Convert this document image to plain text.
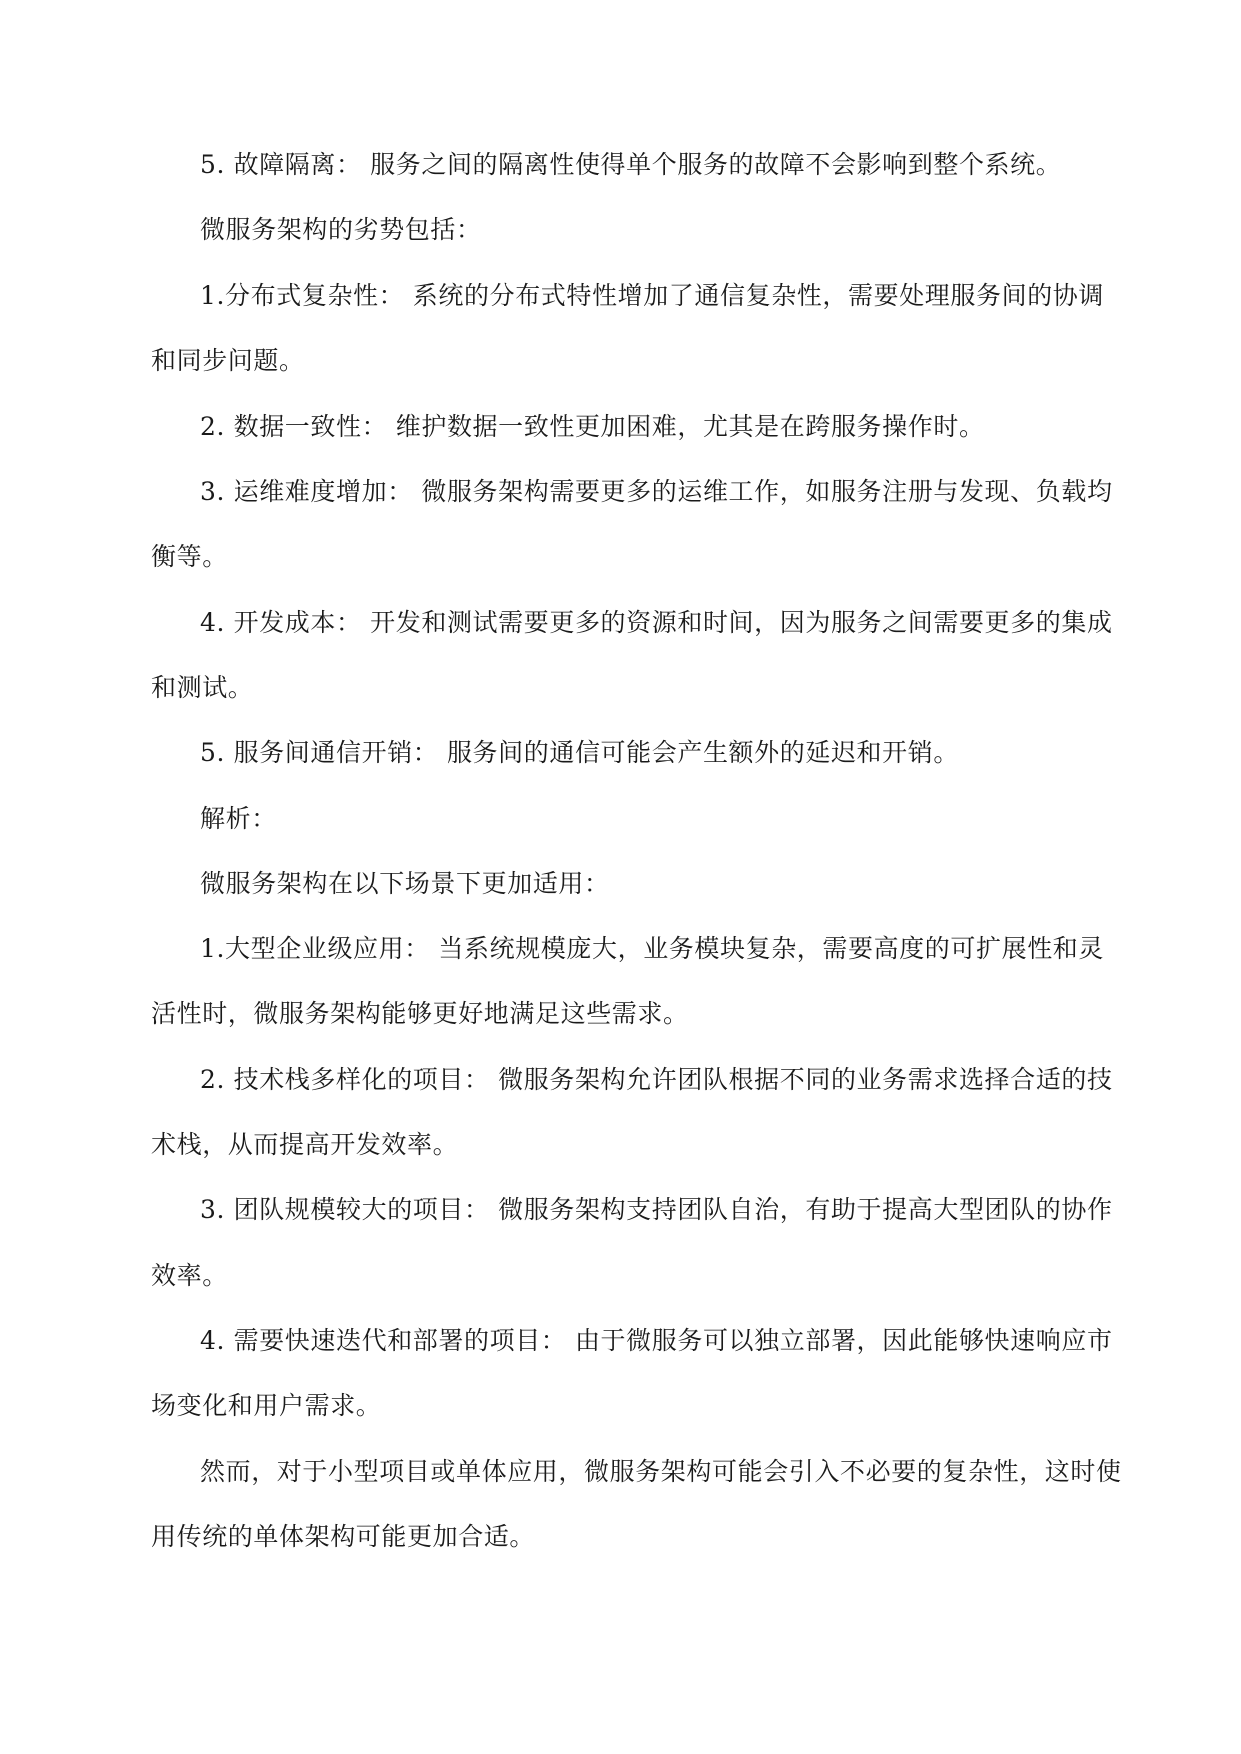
5. 故障隔离： 服务之间的隔离性使得单个服务的故障不会影响到整个系统。
微服务架构的劣势包括：
1.分布式复杂性： 系统的分布式特性增加了通信复杂性，需要处理服务间的协调
和同步问题。
2. 数据一致性： 维护数据一致性更加困难，尤其是在跨服务操作时。
3. 运维难度增加： 微服务架构需要更多的运维工作，如服务注册与发现、负载均
衡等。
4. 开发成本： 开发和测试需要更多的资源和时间，因为服务之间需要更多的集成
和测试。
5. 服务间通信开销： 服务间的通信可能会产生额外的延迟和开销。
解析：
微服务架构在以下场景下更加适用：
1.大型企业级应用： 当系统规模庞大，业务模块复杂，需要高度的可扩展性和灵
活性时，微服务架构能够更好地满足这些需求。
2. 技术栈多样化的项目： 微服务架构允许团队根据不同的业务需求选择合适的技
术栈，从而提高开发效率。
3. 团队规模较大的项目： 微服务架构支持团队自治，有助于提高大型团队的协作
效率。
4. 需要快速迭代和部署的项目： 由于微服务可以独立部署，因此能够快速响应市
场变化和用户需求。
然而，对于小型项目或单体应用，微服务架构可能会引入不必要的复杂性，这时使
用传统的单体架构可能更加合适。
